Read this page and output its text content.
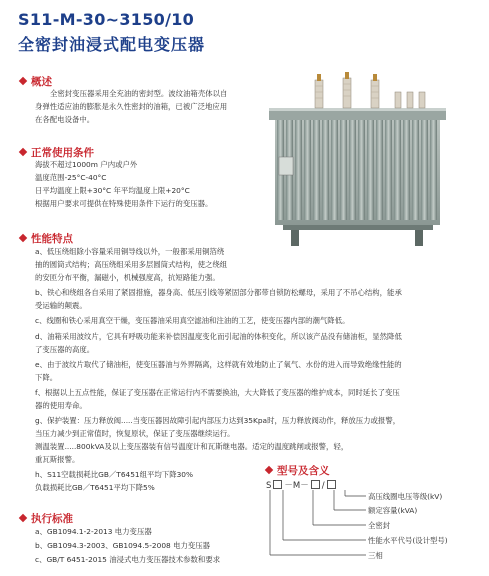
S11-M-30~3150/10
全密封油浸式配电变压器
概述
全密封变压器采用全充油的密封型。波纹油箱壳体以自
身弹性适应油的膨胀是永久性密封的油箱，已被广泛地应用
在各配电设备中。
正常使用条件
海拔不超过1000m 户内或户外
温度范围-25°C-40°C
日平均温度上限+30°C 年平均温度上限+20°C
根据用户要求可提供在特殊使用条件下运行的变压器。
性能特点
a、低压绕组除小容量采用铜导线以外，一般都采用铜箔绕
抽的圆筒式结构；高压绕组采用多层圆筒式结构，使之绕组
的安匝分布平衡，漏磁小，机械强度高，抗短路能力强。
b、铁心和绕组各自采用了紧固措施，器身高、低压引线等紧固部分都带自锁防松螺母，采用了不吊心结构，能承
受运输的颠震。
c、线圈和铁心采用真空干燥，变压器油采用真空滤油和注油的工艺，使变压器内部的潮气降低。
d、油箱采用波纹片，它具有呼吸功能来补偿因温度变化而引起油的体积变化，所以该产品没有储油柜，显然降低
了变压器的高度。
e、由于波纹片取代了储油柜，使变压器油与外界隔离，这样就有效地防止了氧气、水份的进入而导致绝缘性能的
下降。
f、根据以上五点性能，保证了变压器在正常运行内不需要换油，大大降低了变压器的维护成本，同时延长了变压
器的使用寿命。
g、保护装置：压力释放阀.....当变压器因故障引起内部压力达到35Kpa时，压力释放阀动作，释放压力或报警，
当压力减少到正常值时，恢复原状，保证了变压器继续运行。
测温装置.....800kVA及以上变压器装有信号温度计和瓦斯继电器。适定的温度跳闸或报警，轻，
重瓦斯报警。
h、S11空载损耗比GB／T6451组平均下降30%
负载损耗比GB／T6451平均下降5%
执行标准
a、GB1094.1-2-2013 电力变压器
b、GB1094.3-2003、GB1094.5-2008 电力变压器
c、GB/T 6451-2015 油浸式电力变压器技术参数和要求
型号及含义
S －M－ /
高压线圈电压等级(kV)
额定容量(kVA)
全密封
性能水平代号(设计型号)
三相
